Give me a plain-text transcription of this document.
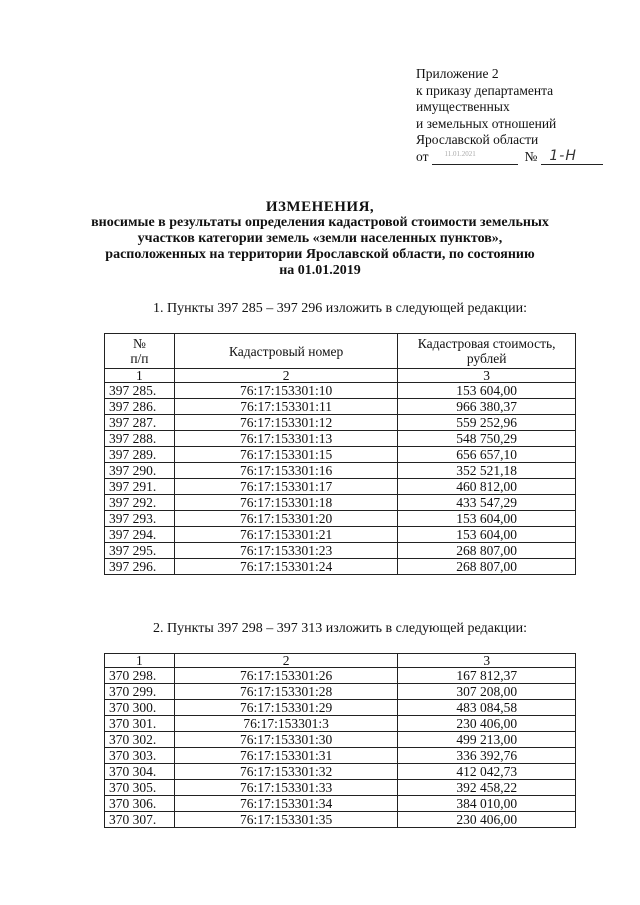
Приложение 2
к приказу департамента
имущественных
и земельных отношений
Ярославской области
от 11.01.2021	№ 1-Н
ИЗМЕНЕНИЯ,
вносимые в результаты определения кадастровой стоимости земельных
участков категории земель «земли населенных пунктов»,
расположенных на территории Ярославской области, по состоянию
на 01.01.2019
1. Пункты 397 285 – 397 296 изложить в следующей редакции:
№
п/п	Кадастровый номер	Кадастровая стоимость,
рублей
1	2	3
397 285.	76:17:153301:10	153 604,00
397 286.	76:17:153301:11	966 380,37
397 287.	76:17:153301:12	559 252,96
397 288.	76:17:153301:13	548 750,29
397 289.	76:17:153301:15	656 657,10
397 290.	76:17:153301:16	352 521,18
397 291.	76:17:153301:17	460 812,00
397 292.	76:17:153301:18	433 547,29
397 293.	76:17:153301:20	153 604,00
397 294.	76:17:153301:21	153 604,00
397 295.	76:17:153301:23	268 807,00
397 296.	76:17:153301:24	268 807,00
2. Пункты 397 298 – 397 313 изложить в следующей редакции:
1	2	3
370 298.	76:17:153301:26	167 812,37
370 299.	76:17:153301:28	307 208,00
370 300.	76:17:153301:29	483 084,58
370 301.	76:17:153301:3	230 406,00
370 302.	76:17:153301:30	499 213,00
370 303.	76:17:153301:31	336 392,76
370 304.	76:17:153301:32	412 042,73
370 305.	76:17:153301:33	392 458,22
370 306.	76:17:153301:34	384 010,00
370 307.	76:17:153301:35	230 406,00
